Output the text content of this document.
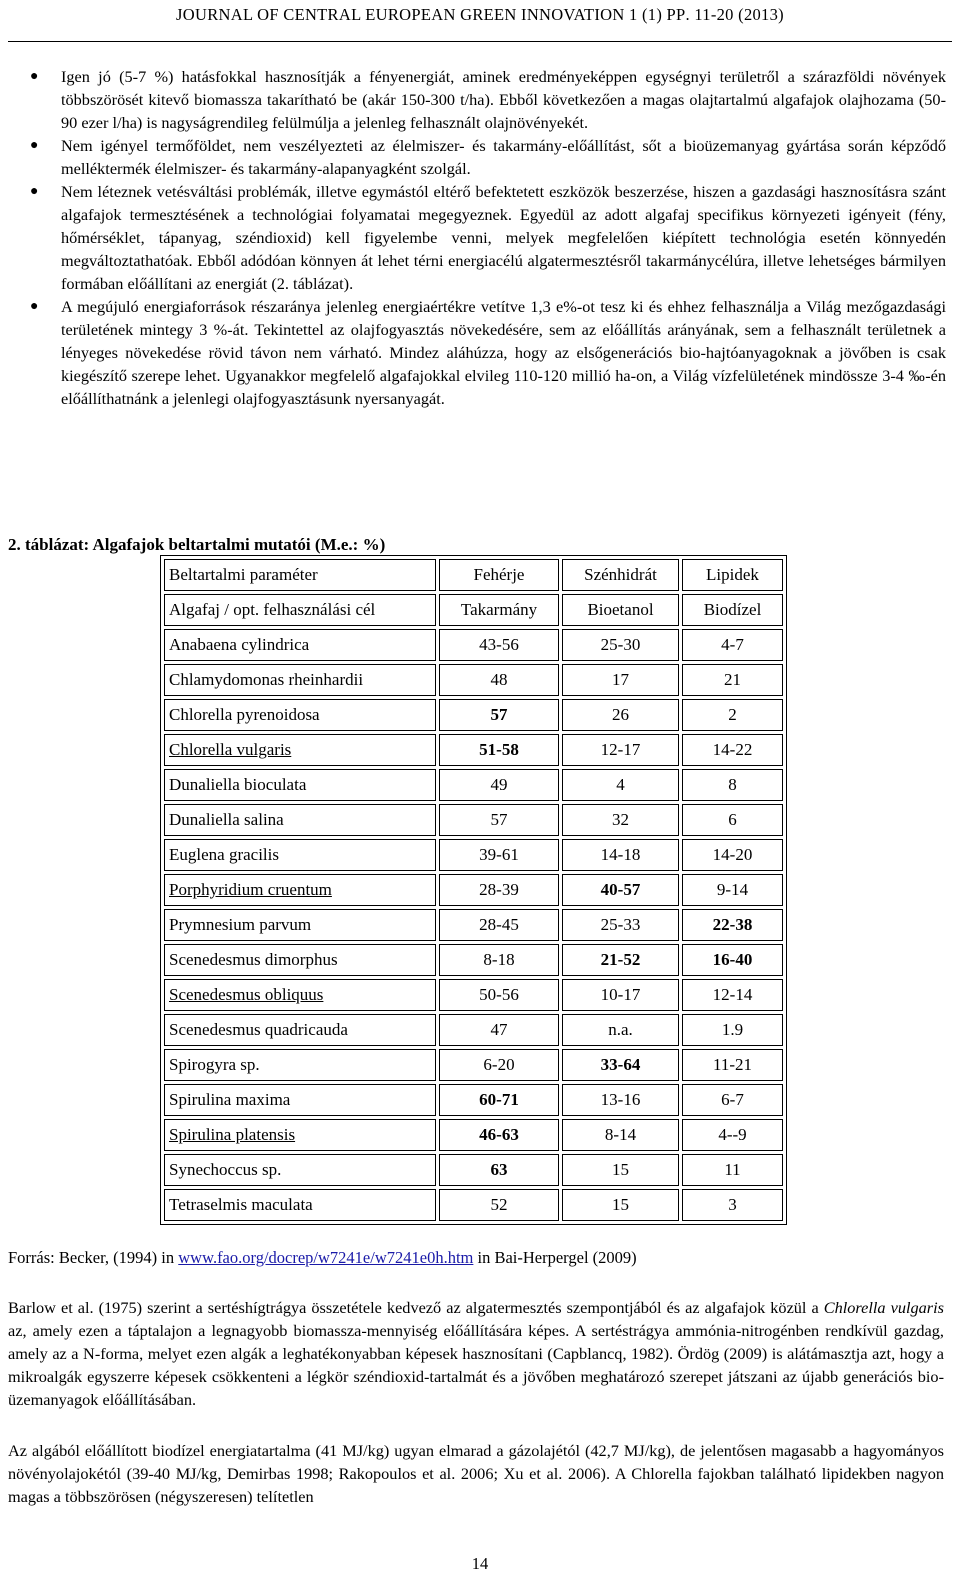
JOURNAL OF CENTRAL EUROPEAN GREEN INNOVATION 1 (1) PP. 11-20 (2013)
● Igen jó (5-7 %) hatásfokkal hasznosítják a fényenergiát, aminek eredményeképpen egységnyi területről a szárazföldi növények többszörösét kitevő biomassza takarítható be (akár 150-300 t/ha). Ebből következően a magas olajtartalmú algafajok olajhozama (50-90 ezer l/ha) is nagyságrendileg felülmúlja a jelenleg felhasznált olajnövényekét.
● Nem igényel termőföldet, nem veszélyezteti az élelmiszer- és takarmány-előállítást, sőt a bioüzemanyag gyártása során képződő melléktermék élelmiszer- és takarmány-alapanyagként szolgál.
● Nem léteznek vetésváltási problémák, illetve egymástól eltérő befektetett eszközök beszerzése, hiszen a gazdasági hasznosításra szánt algafajok termesztésének a technológiai folyamatai megegyeznek. Egyedül az adott algafaj specifikus környezeti igényeit (fény, hőmérséklet, tápanyag, széndioxid) kell figyelembe venni, melyek megfelelően kiépített technológia esetén könnyedén megváltoztathatóak. Ebből adódóan könnyen át lehet térni energiacélú algatermesztésről takarmánycélúra, illetve lehetséges bármilyen formában előállítani az energiát (2. táblázat).
● A megújuló energiaforrások részaránya jelenleg energiaértékre vetítve 1,3 e%-ot tesz ki és ehhez felhasználja a Világ mezőgazdasági területének mintegy 3 %-át. Tekintettel az olajfogyasztás növekedésére, sem az előállítás arányának, sem a felhasznált területnek a lényeges növekedése rövid távon nem várható. Mindez aláhúzza, hogy az elsőgenerációs bio-hajtóanyagoknak a jövőben is csak kiegészítő szerepe lehet. Ugyanakkor megfelelő algafajokkal elvileg 110-120 millió ha-on, a Világ vízfelületének mindössze 3-4 ‰-én előállíthatnánk a jelenlegi olajfogyasztásunk nyersanyagát.
2. táblázat: Algafajok beltartalmi mutatói (M.e.: %)
Beltartalmi paraméter	Fehérje	Szénhidrát	Lipidek
Algafaj / opt. felhasználási cél	Takarmány	Bioetanol	Biodízel
Anabaena cylindrica	43-56	25-30	4-7
Chlamydomonas rheinhardii	48	17	21
Chlorella pyrenoidosa	57	26	2
Chlorella vulgaris	51-58	12-17	14-22
Dunaliella bioculata	49	4	8
Dunaliella salina	57	32	6
Euglena gracilis	39-61	14-18	14-20
Porphyridium cruentum	28-39	40-57	9-14
Prymnesium parvum	28-45	25-33	22-38
Scenedesmus dimorphus	8-18	21-52	16-40
Scenedesmus obliquus	50-56	10-17	12-14
Scenedesmus quadricauda	47	n.a.	1.9
Spirogyra sp.	6-20	33-64	11-21
Spirulina maxima	60-71	13-16	6-7
Spirulina platensis	46-63	8-14	4--9
Synechoccus sp.	63	15	11
Tetraselmis maculata	52	15	3
Forrás: Becker, (1994) in www.fao.org/docrep/w7241e/w7241e0h.htm in Bai-Herpergel (2009)
Barlow et al. (1975) szerint a sertéshígtrágya összetétele kedvező az algatermesztés szempontjából és az algafajok közül a Chlorella vulgaris az, amely ezen a táptalajon a legnagyobb biomassza-mennyiség előállítására képes. A sertéstrágya ammónia-nitrogénben rendkívül gazdag, amely az a N-forma, melyet ezen algák a leghatékonyabban képesek hasznosítani (Capblancq, 1982). Ördög (2009) is alátámasztja azt, hogy a mikroalgák egyszerre képesek csökkenteni a légkör széndioxid-tartalmát és a jövőben meghatározó szerepet játszani az újabb generációs bio-üzemanyagok előállításában.
Az algából előállított biodízel energiatartalma (41 MJ/kg) ugyan elmarad a gázolajétól (42,7 MJ/kg), de jelentősen magasabb a hagyományos növényolajokétól (39-40 MJ/kg, Demirbas 1998; Rakopoulos et al. 2006; Xu et al. 2006). A Chlorella fajokban található lipidekben nagyon magas a többszörösen (négyszeresen) telítetlen
14
